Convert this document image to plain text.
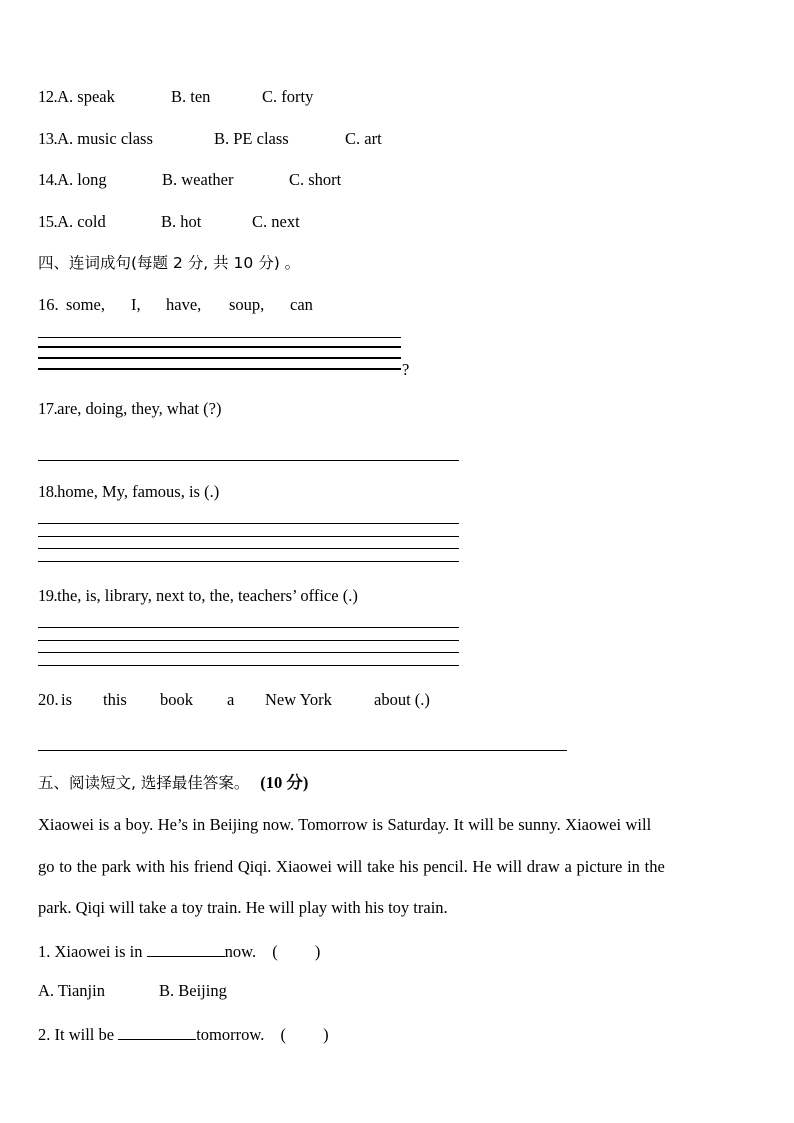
12.A. speak	B. ten	C. forty
13.A. music class	B. PE class	C. art
14.A. long	B. weather	C. short
15.A. cold	B. hot	C. next
四、连词成句(每题 2 分, 共 10 分) 。
16. some, I, have, soup, can
?
17.are, doing, they, what (?)
18.home, My, famous, is (.)
19.the, is, library, next to, the, teachers’ office (.)
20. is this book a New York	about (.)
五、阅读短文, 选择最佳答案。 (10 分)
Xiaowei is a boy. He’s in Beijing now. Tomorrow is Saturday. It will be sunny. Xiaowei will
go to the park with his friend Qiqi. Xiaowei will take his pencil. He will draw a picture in the
park. Qiqi will take a toy train. He will play with his toy train.
1. Xiaowei is in	now. (         )
A. Tianjin	B. Beijing
2. It will be	tomorrow. (         )
